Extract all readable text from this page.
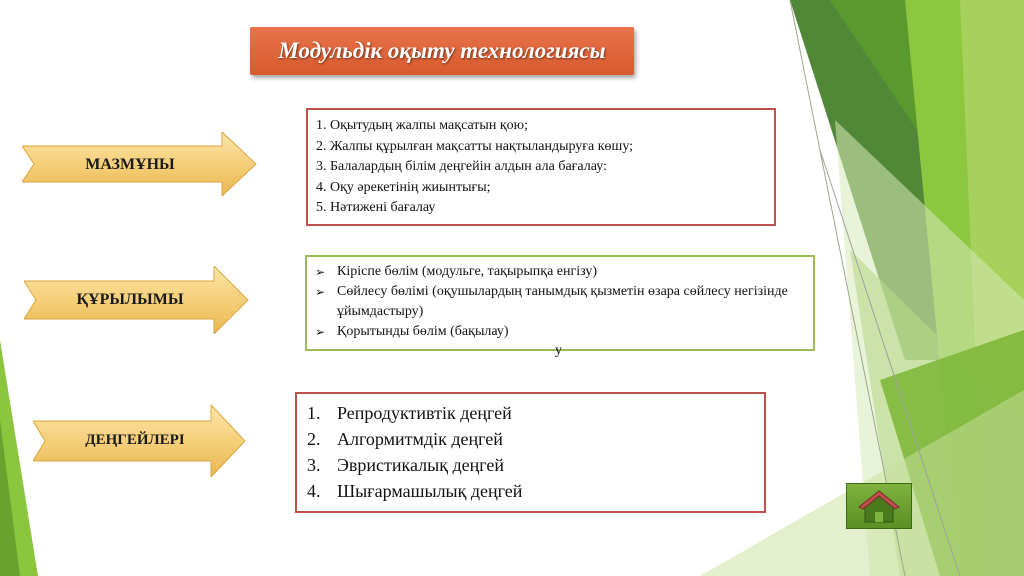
Модульдік оқыту технологиясы
МАЗМҰНЫ
ҚҰРЫЛЫМЫ
ДЕҢГЕЙЛЕРІ
1. Оқытудың жалпы мақсатын қою;
2. Жалпы құрылған мақсатты нақтыландыруға көшу;
3. Балалардың білім деңгейін алдын ала бағалау:
4. Оқу әрекетінің жиынтығы;
5. Нәтижені бағалау
➢ Кіріспе бөлім (модульге, тақырыпқа енгізу)
➢ Сөйлесу бөлімі (оқушылардың танымдық қызметін өзара сөйлесу негізінде ұйымдастыру)
➢ Қорытынды бөлім (бақылау)
у
1. Репродуктивтік деңгей
2. Алгормитмдік деңгей
3. Эвристикалық деңгей
4. Шығармашылық деңгей
